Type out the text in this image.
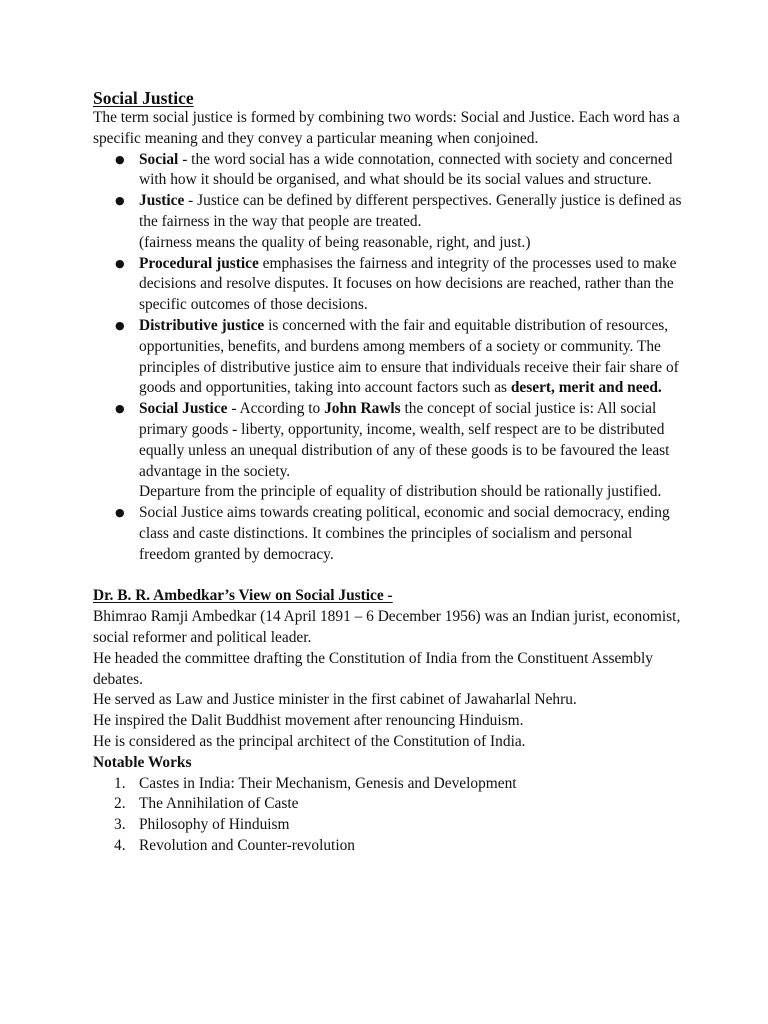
Social Justice

The term social justice is formed by combining two words: Social and Justice. Each word has a specific meaning and they convey a particular meaning when conjoined.

● Social - the word social has a wide connotation, connected with society and concerned with how it should be organised, and what should be its social values and structure.
● Justice - Justice can be defined by different perspectives. Generally justice is defined as the fairness in the way that people are treated.
(fairness means the quality of being reasonable, right, and just.)
● Procedural justice emphasises the fairness and integrity of the processes used to make decisions and resolve disputes. It focuses on how decisions are reached, rather than the specific outcomes of those decisions.
● Distributive justice is concerned with the fair and equitable distribution of resources, opportunities, benefits, and burdens among members of a society or community. The principles of distributive justice aim to ensure that individuals receive their fair share of goods and opportunities, taking into account factors such as desert, merit and need.
● Social Justice - According to John Rawls the concept of social justice is: All social primary goods - liberty, opportunity, income, wealth, self respect are to be distributed equally unless an unequal distribution of any of these goods is to be favoured the least advantage in the society.
Departure from the principle of equality of distribution should be rationally justified.
● Social Justice aims towards creating political, economic and social democracy, ending class and caste distinctions. It combines the principles of socialism and personal freedom granted by democracy.
Dr. B. R. Ambedkar’s View on Social Justice -

Bhimrao Ramji Ambedkar (14 April 1891 – 6 December 1956) was an Indian jurist, economist, social reformer and political leader.

He headed the committee drafting the Constitution of India from the Constituent Assembly debates.

He served as Law and Justice minister in the first cabinet of Jawaharlal Nehru.

He inspired the Dalit Buddhist movement after renouncing Hinduism.

He is considered as the principal architect of the Constitution of India.

Notable Works

1. Castes in India: Their Mechanism, Genesis and Development
2. The Annihilation of Caste
3. Philosophy of Hinduism
4. Revolution and Counter-revolution
